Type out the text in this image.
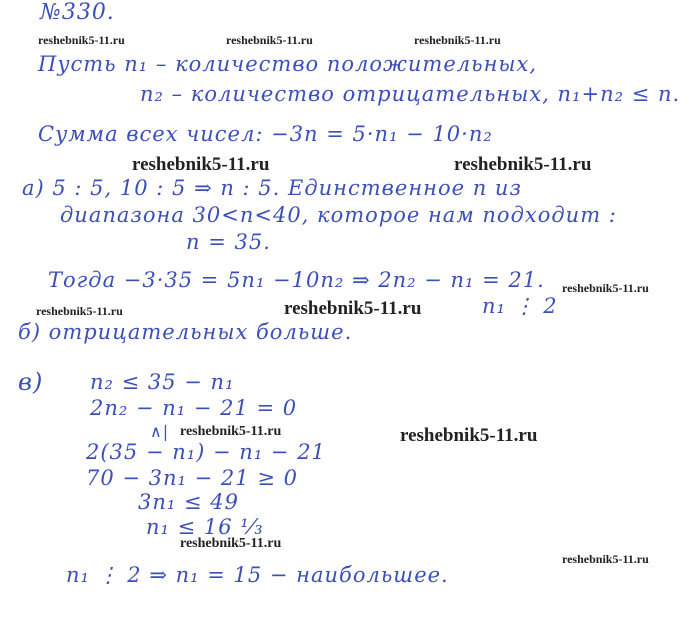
№330.
Пусть n₁ – количество положительных,
n₂ – количество отрицательных, n₁+n₂ ≤ n.
Сумма всех чисел: −3n = 5·n₁ − 10·n₂
а) 5 : 5, 10 : 5 ⇒ n : 5. Единственное n из
диапазона 30<n<40, которое нам подходит :
n = 35.
Тогда −3·35 = 5n₁ −10n₂ ⇒ 2n₂ − n₁ = 21.
n₁ ⋮ 2
б) отрицательных больше.
в) n₂ ≤ 35 − n₁
2n₂ − n₁ − 21 = 0
∧|
2(35 − n₁) − n₁ − 21
70 − 3n₁ − 21 ≥ 0
3n₁ ≤ 49
n₁ ≤ 16 ¹⁄₃
n₁ ⋮ 2 ⇒ n₁ = 15 − наибольшее.
reshebnik5-11.ru	reshebnik5-11.ru	reshebnik5-11.ru
reshebnik5-11.ru	reshebnik5-11.ru
reshebnik5-11.ru	reshebnik5-11.ru
reshebnik5-11.ru
reshebnik5-11.ru	reshebnik5-11.ru
reshebnik5-11.ru
reshebnik5-11.ru
